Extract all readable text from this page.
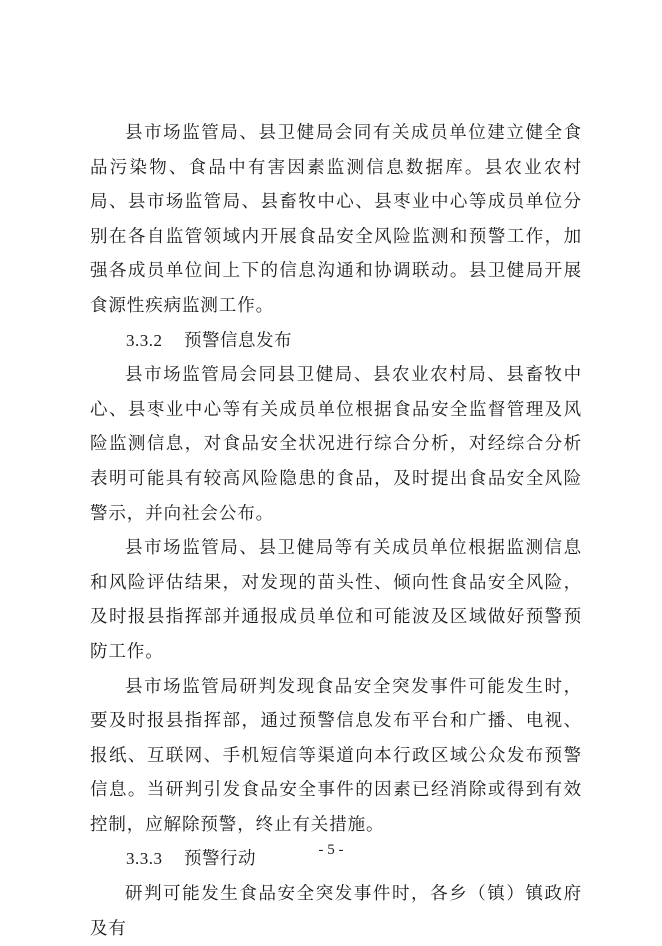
县市场监管局、县卫健局会同有关成员单位建立健全食品污染物、食品中有害因素监测信息数据库。县农业农村局、县市场监管局、县畜牧中心、县枣业中心等成员单位分别在各自监管领域内开展食品安全风险监测和预警工作，加强各成员单位间上下的信息沟通和协调联动。县卫健局开展食源性疾病监测工作。

3.3.2 预警信息发布

县市场监管局会同县卫健局、县农业农村局、县畜牧中心、县枣业中心等有关成员单位根据食品安全监督管理及风险监测信息，对食品安全状况进行综合分析，对经综合分析表明可能具有较高风险隐患的食品，及时提出食品安全风险警示，并向社会公布。

县市场监管局、县卫健局等有关成员单位根据监测信息和风险评估结果，对发现的苗头性、倾向性食品安全风险，及时报县指挥部并通报成员单位和可能波及区域做好预警预防工作。

县市场监管局研判发现食品安全突发事件可能发生时，要及时报县指挥部，通过预警信息发布平台和广播、电视、报纸、互联网、手机短信等渠道向本行政区域公众发布预警信息。当研判引发食品安全事件的因素已经消除或得到有效控制，应解除预警，终止有关措施。

3.3.3 预警行动

研判可能发生食品安全突发事件时，各乡（镇）镇政府及有

- 5 -
